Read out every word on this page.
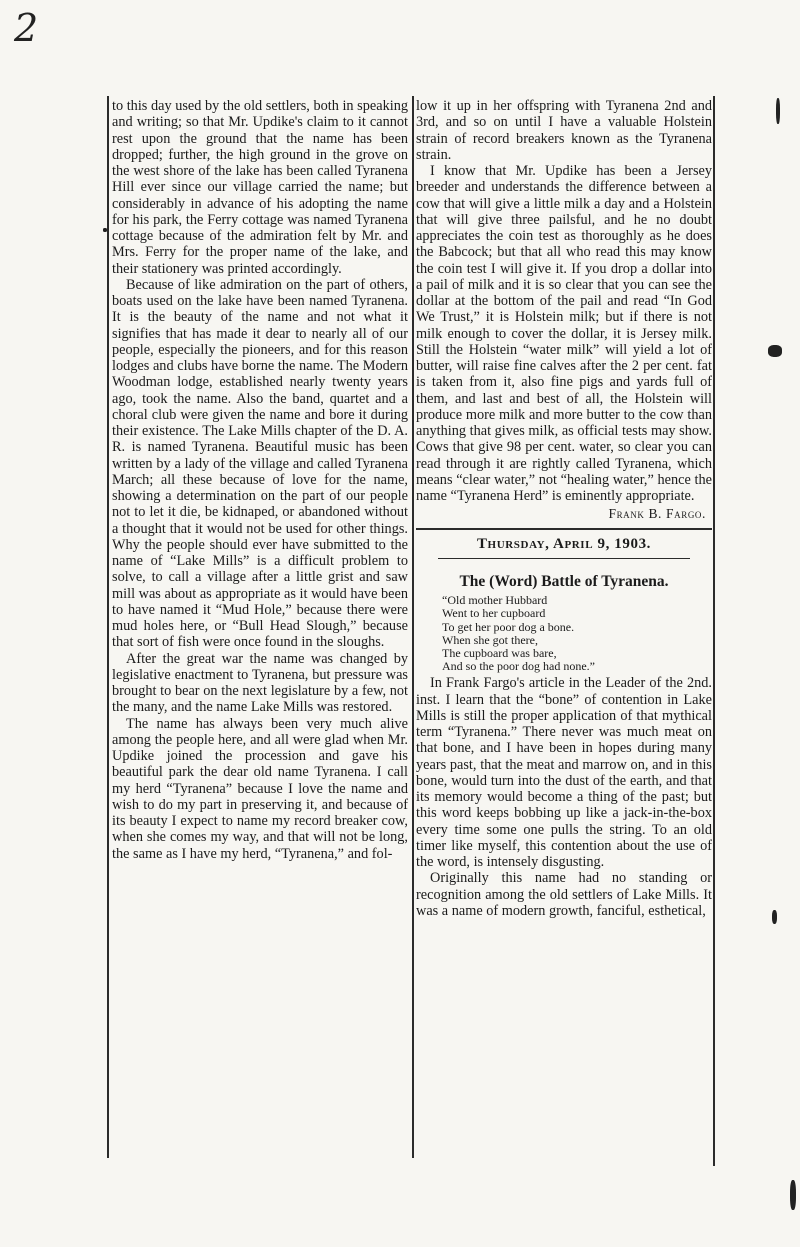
2

to this day used by the old settlers, both in speaking and writing; so that Mr. Updike's claim to it cannot rest upon the ground that the name has been dropped; further, the high ground in the grove on the west shore of the lake has been called Tyranena Hill ever since our village carried the name; but considerably in advance of his adopting the name for his park, the Ferry cottage was named Tyranena cottage because of the admiration felt by Mr. and Mrs. Ferry for the proper name of the lake, and their stationery was printed accordingly.

Because of like admiration on the part of others, boats used on the lake have been named Tyranena. It is the beauty of the name and not what it signifies that has made it dear to nearly all of our people, especially the pioneers, and for this reason lodges and clubs have borne the name. The Modern Woodman lodge, established nearly twenty years ago, took the name. Also the band, quartet and a choral club were given the name and bore it during their existence. The Lake Mills chapter of the D. A. R. is named Tyranena. Beautiful music has been written by a lady of the village and called Tyranena March; all these because of love for the name, showing a determination on the part of our people not to let it die, be kidnaped, or abandoned without a thought that it would not be used for other things. Why the people should ever have submitted to the name of “Lake Mills” is a difficult problem to solve, to call a village after a little grist and saw mill was about as appropriate as it would have been to have named it “Mud Hole,” because there were mud holes here, or “Bull Head Slough,” because that sort of fish were once found in the sloughs.

After the great war the name was changed by legislative enactment to Tyranena, but pressure was brought to bear on the next legislature by a few, not the many, and the name Lake Mills was restored.

The name has always been very much alive among the people here, and all were glad when Mr. Updike joined the procession and gave his beautiful park the dear old name Tyranena. I call my herd “Tyranena” because I love the name and wish to do my part in preserving it, and because of its beauty I expect to name my record breaker cow, when she comes my way, and that will not be long, the same as I have my herd, “Tyranena,” and fol-

low it up in her offspring with Tyranena 2nd and 3rd, and so on until I have a valuable Holstein strain of record breakers known as the Tyranena strain.

I know that Mr. Updike has been a Jersey breeder and understands the difference between a cow that will give a little milk a day and a Holstein that will give three pailsful, and he no doubt appreciates the coin test as thoroughly as he does the Babcock; but that all who read this may know the coin test I will give it. If you drop a dollar into a pail of milk and it is so clear that you can see the dollar at the bottom of the pail and read “In God We Trust,” it is Holstein milk; but if there is not milk enough to cover the dollar, it is Jersey milk. Still the Holstein “water milk” will yield a lot of butter, will raise fine calves after the 2 per cent. fat is taken from it, also fine pigs and yards full of them, and last and best of all, the Holstein will produce more milk and more butter to the cow than anything that gives milk, as official tests may show. Cows that give 98 per cent. water, so clear you can read through it are rightly called Tyranena, which means “clear water,” not “healing water,” hence the name “Tyranena Herd” is eminently appropriate.

Frank B. Fargo.
Thursday, April 9, 1903.
The (Word) Battle of Tyranena.
“Old mother Hubbard
Went to her cupboard
To get her poor dog a bone.
When she got there,
The cupboard was bare,
And so the poor dog had none.”

In Frank Fargo's article in the Leader of the 2nd. inst. I learn that the “bone” of contention in Lake Mills is still the proper application of that mythical term “Tyranena.” There never was much meat on that bone, and I have been in hopes during many years past, that the meat and marrow on, and in this bone, would turn into the dust of the earth, and that its memory would become a thing of the past; but this word keeps bobbing up like a jack-in-the-box every time some one pulls the string. To an old timer like myself, this contention about the use of the word, is intensely disgusting.

Originally this name had no standing or recognition among the old settlers of Lake Mills. It was a name of modern growth, fanciful, esthetical,
